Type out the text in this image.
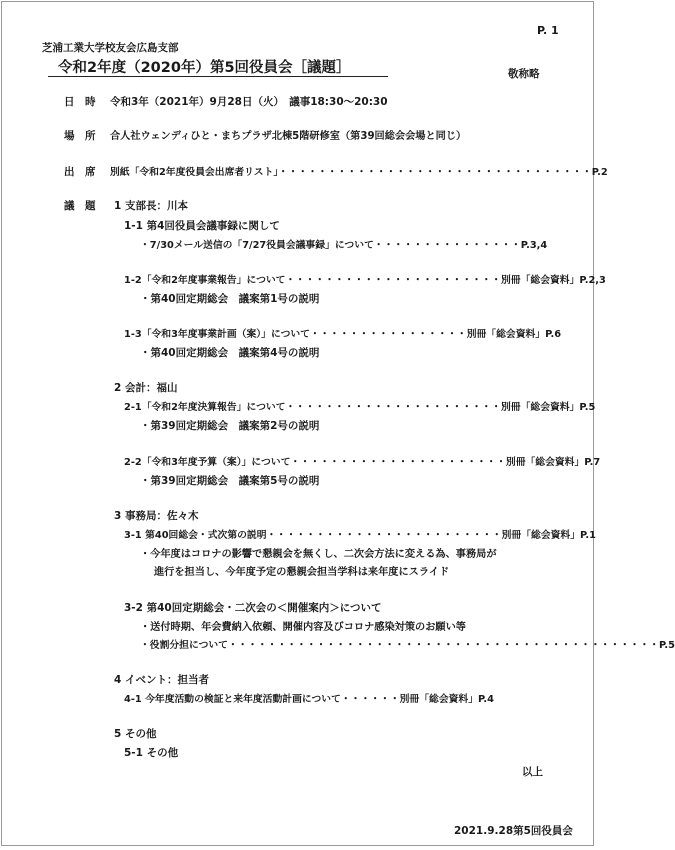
P. 1
芝浦工業大学校友会広島支部
令和2年度（2020年）第5回役員会［議題］	敬称略
日　時 令和3年（2021年）9月28日（火）　議事18:30～20:30
場　所 合人社ウェンディひと・まちプラザ北棟5階研修室（第39回総会会場と同じ）
出　席 別紙「令和2年度役員会出席者リスト」・・・・・・・・・・・・・・・・・・・・・・・・・・・・・・・・P.2
議　題 1 支部長：川本
1-1 第4回役員会議事録に関して
・7/30メール送信の「7/27役員会議事録」について・・・・・・・・・・・・・・・P.3,4
1-2「令和2年度事業報告」について・・・・・・・・・・・・・・・・・・・・・・別冊「総会資料」P.2,3
・第40回定期総会　議案第1号の説明
1-3「令和3年度事業計画（案）」について・・・・・・・・・・・・・・・・別冊「総会資料」P.6
・第40回定期総会　議案第4号の説明
2 会計：福山
2-1「令和2年度決算報告」について・・・・・・・・・・・・・・・・・・・・・・別冊「総会資料」P.5
・第39回定期総会　議案第2号の説明
2-2「令和3年度予算（案）」について・・・・・・・・・・・・・・・・・・・・・・別冊「総会資料」P.7
・第39回定期総会　議案第5号の説明
3 事務局：佐々木
3-1 第40回総会・式次第の説明・・・・・・・・・・・・・・・・・・・・・・・・別冊「総会資料」P.1
・今年度はコロナの影響で懇親会を無くし、二次会方法に変える為、事務局が
進行を担当し、今年度予定の懇親会担当学科は来年度にスライド
3-2 第40回定期総会・二次会の＜開催案内＞について
・送付時期、年会費納入依頼、開催内容及びコロナ感染対策のお願い等
・役割分担について・・・・・・・・・・・・・・・・・・・・・・・・・・・・・・・・・・・・・・・・・・・・P.5
4 イベント：担当者
4-1 今年度活動の検証と来年度活動計画について・・・・・・別冊「総会資料」P.4
5 その他
5-1 その他
以上
2021.9.28第5回役員会
